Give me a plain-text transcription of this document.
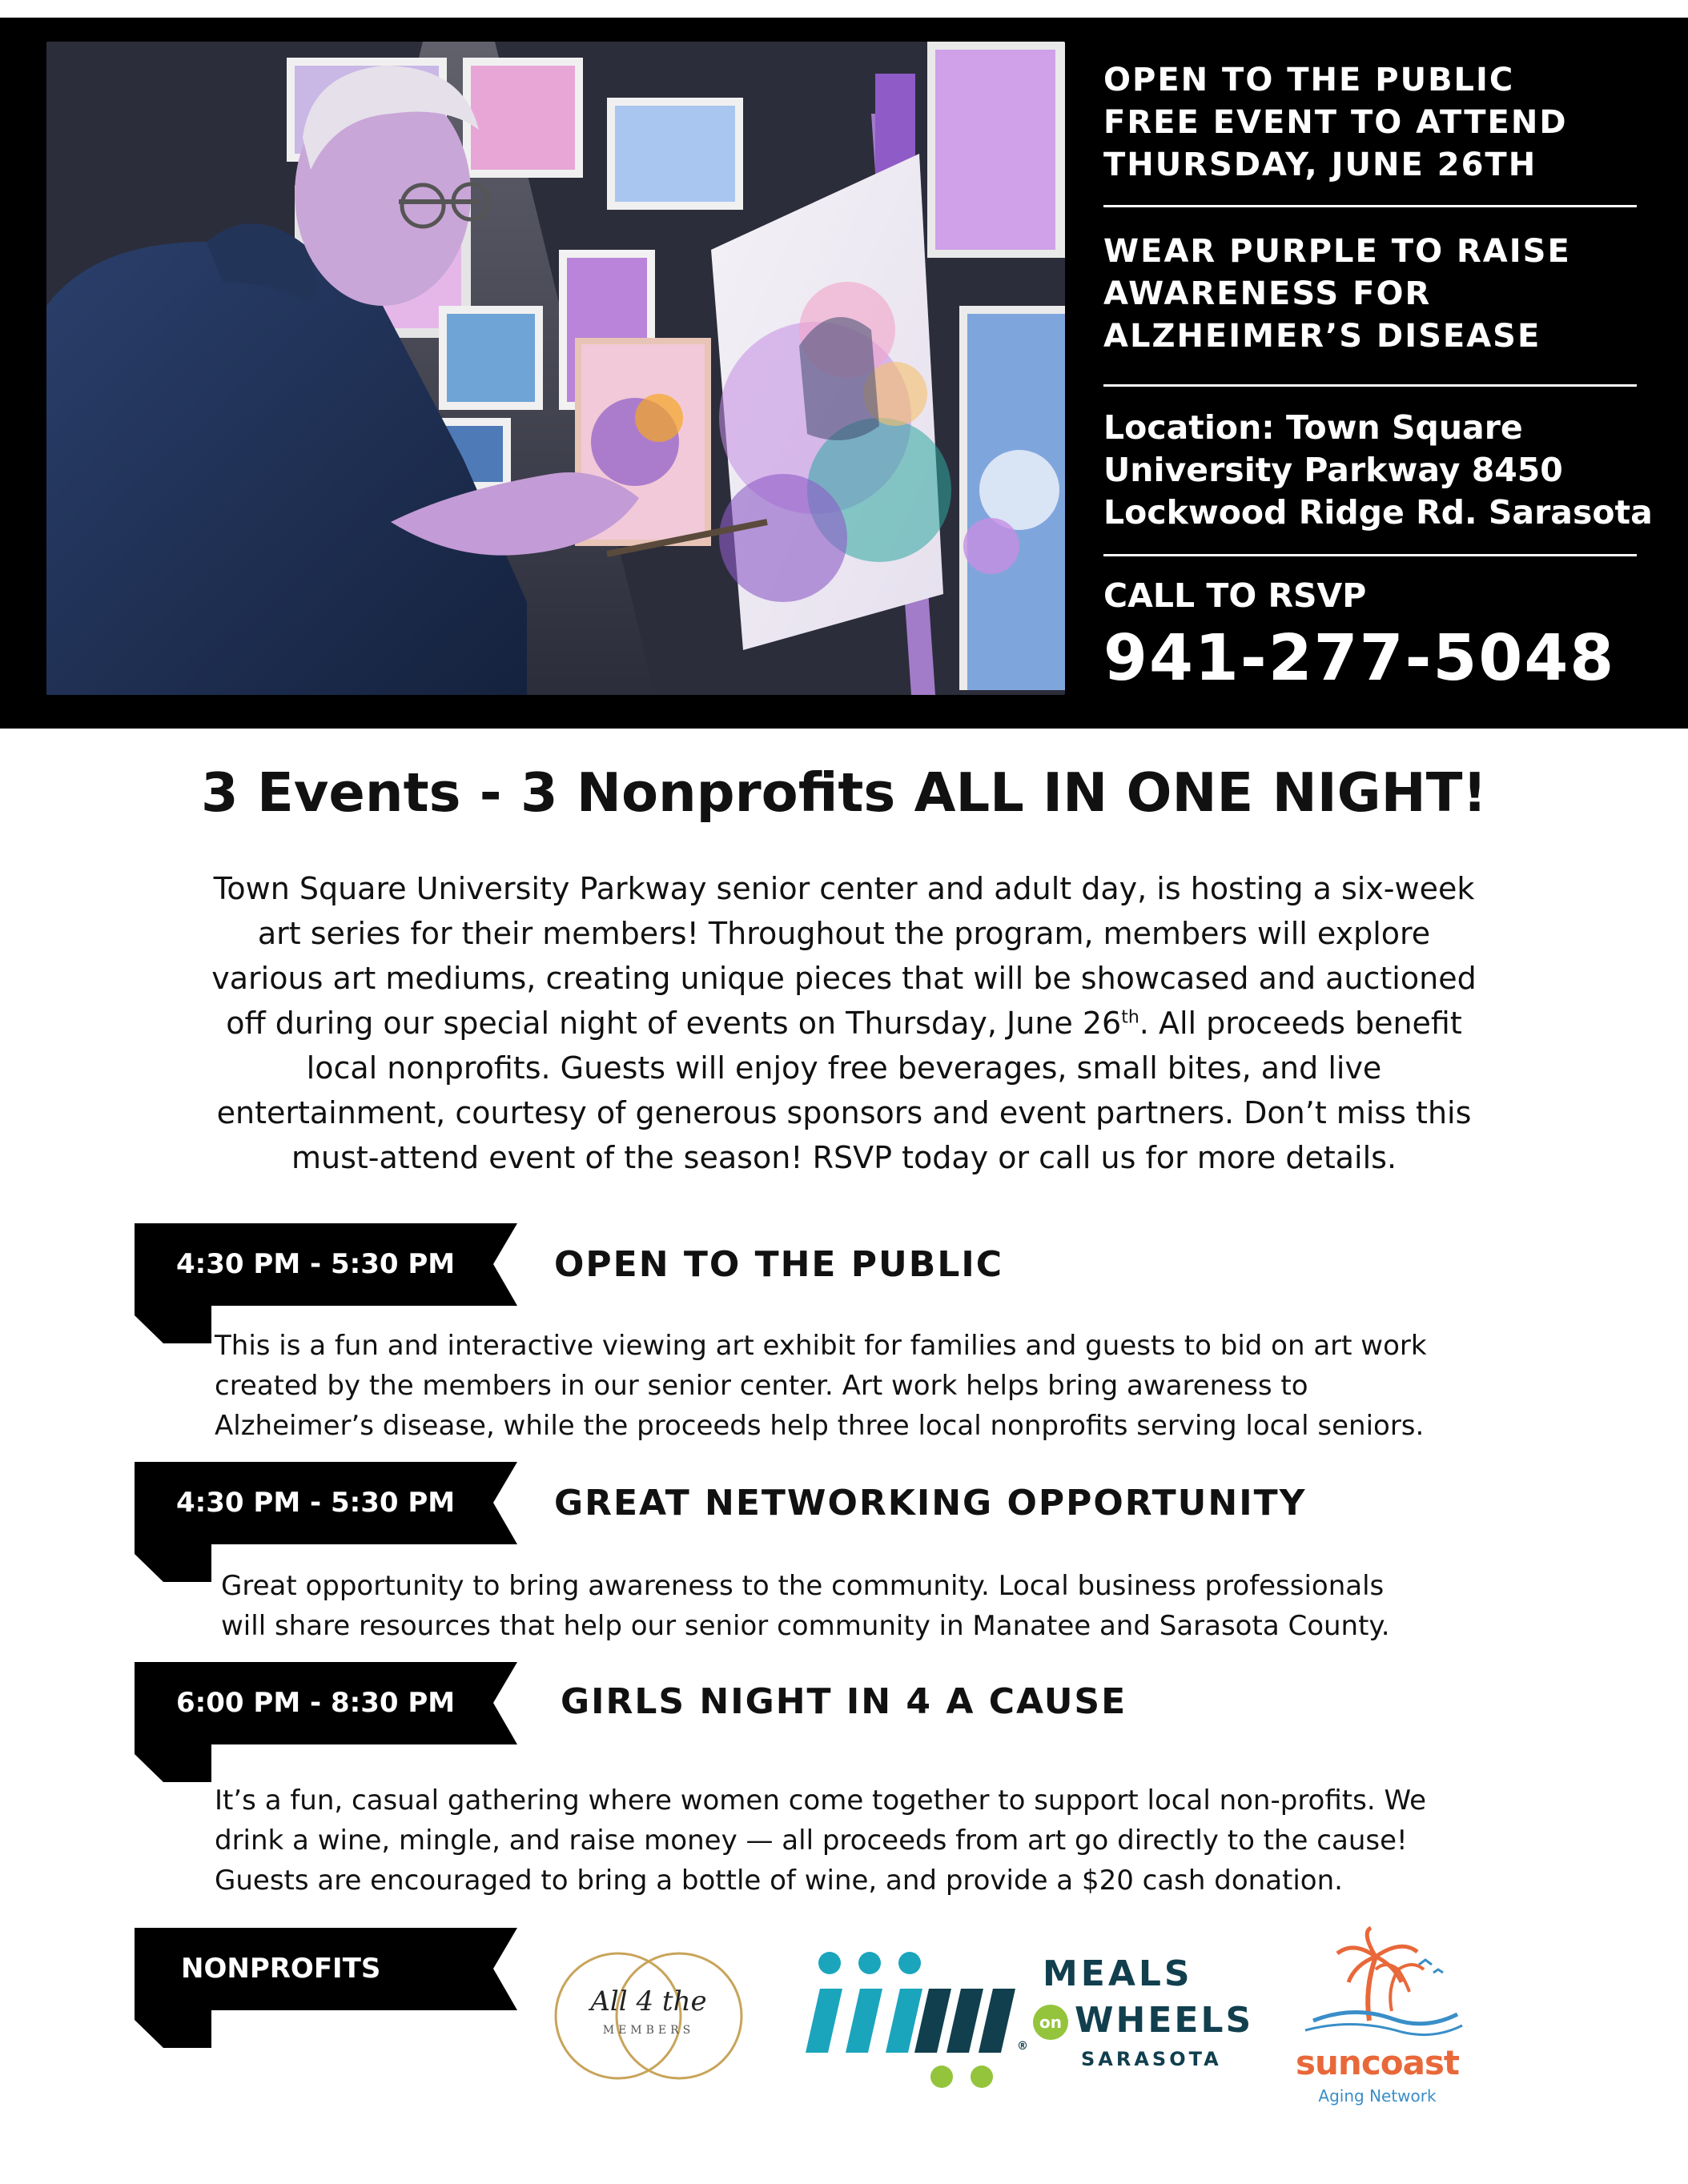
OPEN TO THE PUBLIC
FREE EVENT TO ATTEND
THURSDAY, JUNE 26TH
WEAR PURPLE TO RAISE
AWARENESS FOR
ALZHEIMER’S DISEASE
Location: Town Square
University Parkway 8450
Lockwood Ridge Rd. Sarasota
CALL TO RSVP
941-277-5048
3 Events - 3 Nonprofits ALL IN ONE NIGHT!
Town Square University Parkway senior center and adult day, is hosting a six-week
art series for their members! Throughout the program, members will explore
various art mediums, creating unique pieces that will be showcased and auctioned
off during our special night of events on Thursday, June 26th. All proceeds benefit
local nonprofits. Guests will enjoy free beverages, small bites, and live
entertainment, courtesy of generous sponsors and event partners. Don’t miss this
must-attend event of the season! RSVP today or call us for more details.
4:30 PM - 5:30 PM	OPEN TO THE PUBLIC
This is a fun and interactive viewing art exhibit for families and guests to bid on art work
created by the members in our senior center. Art work helps bring awareness to
Alzheimer’s disease, while the proceeds help three local nonprofits serving local seniors.
4:30 PM - 5:30 PM	GREAT NETWORKING OPPORTUNITY
Great opportunity to bring awareness to the community. Local business professionals
will share resources that help our senior community in Manatee and Sarasota County.
6:00 PM - 8:30 PM	GIRLS NIGHT IN 4 A CAUSE
It’s a fun, casual gathering where women come together to support local non-profits. We
drink a wine, mingle, and raise money — all proceeds from art go directly to the cause!
Guests are encouraged to bring a bottle of wine, and provide a $20 cash donation.
NONPROFITS
All 4 the
MEMBERS
®
MEALS
on WHEELS
SARASOTA	suncoast
Aging Network
